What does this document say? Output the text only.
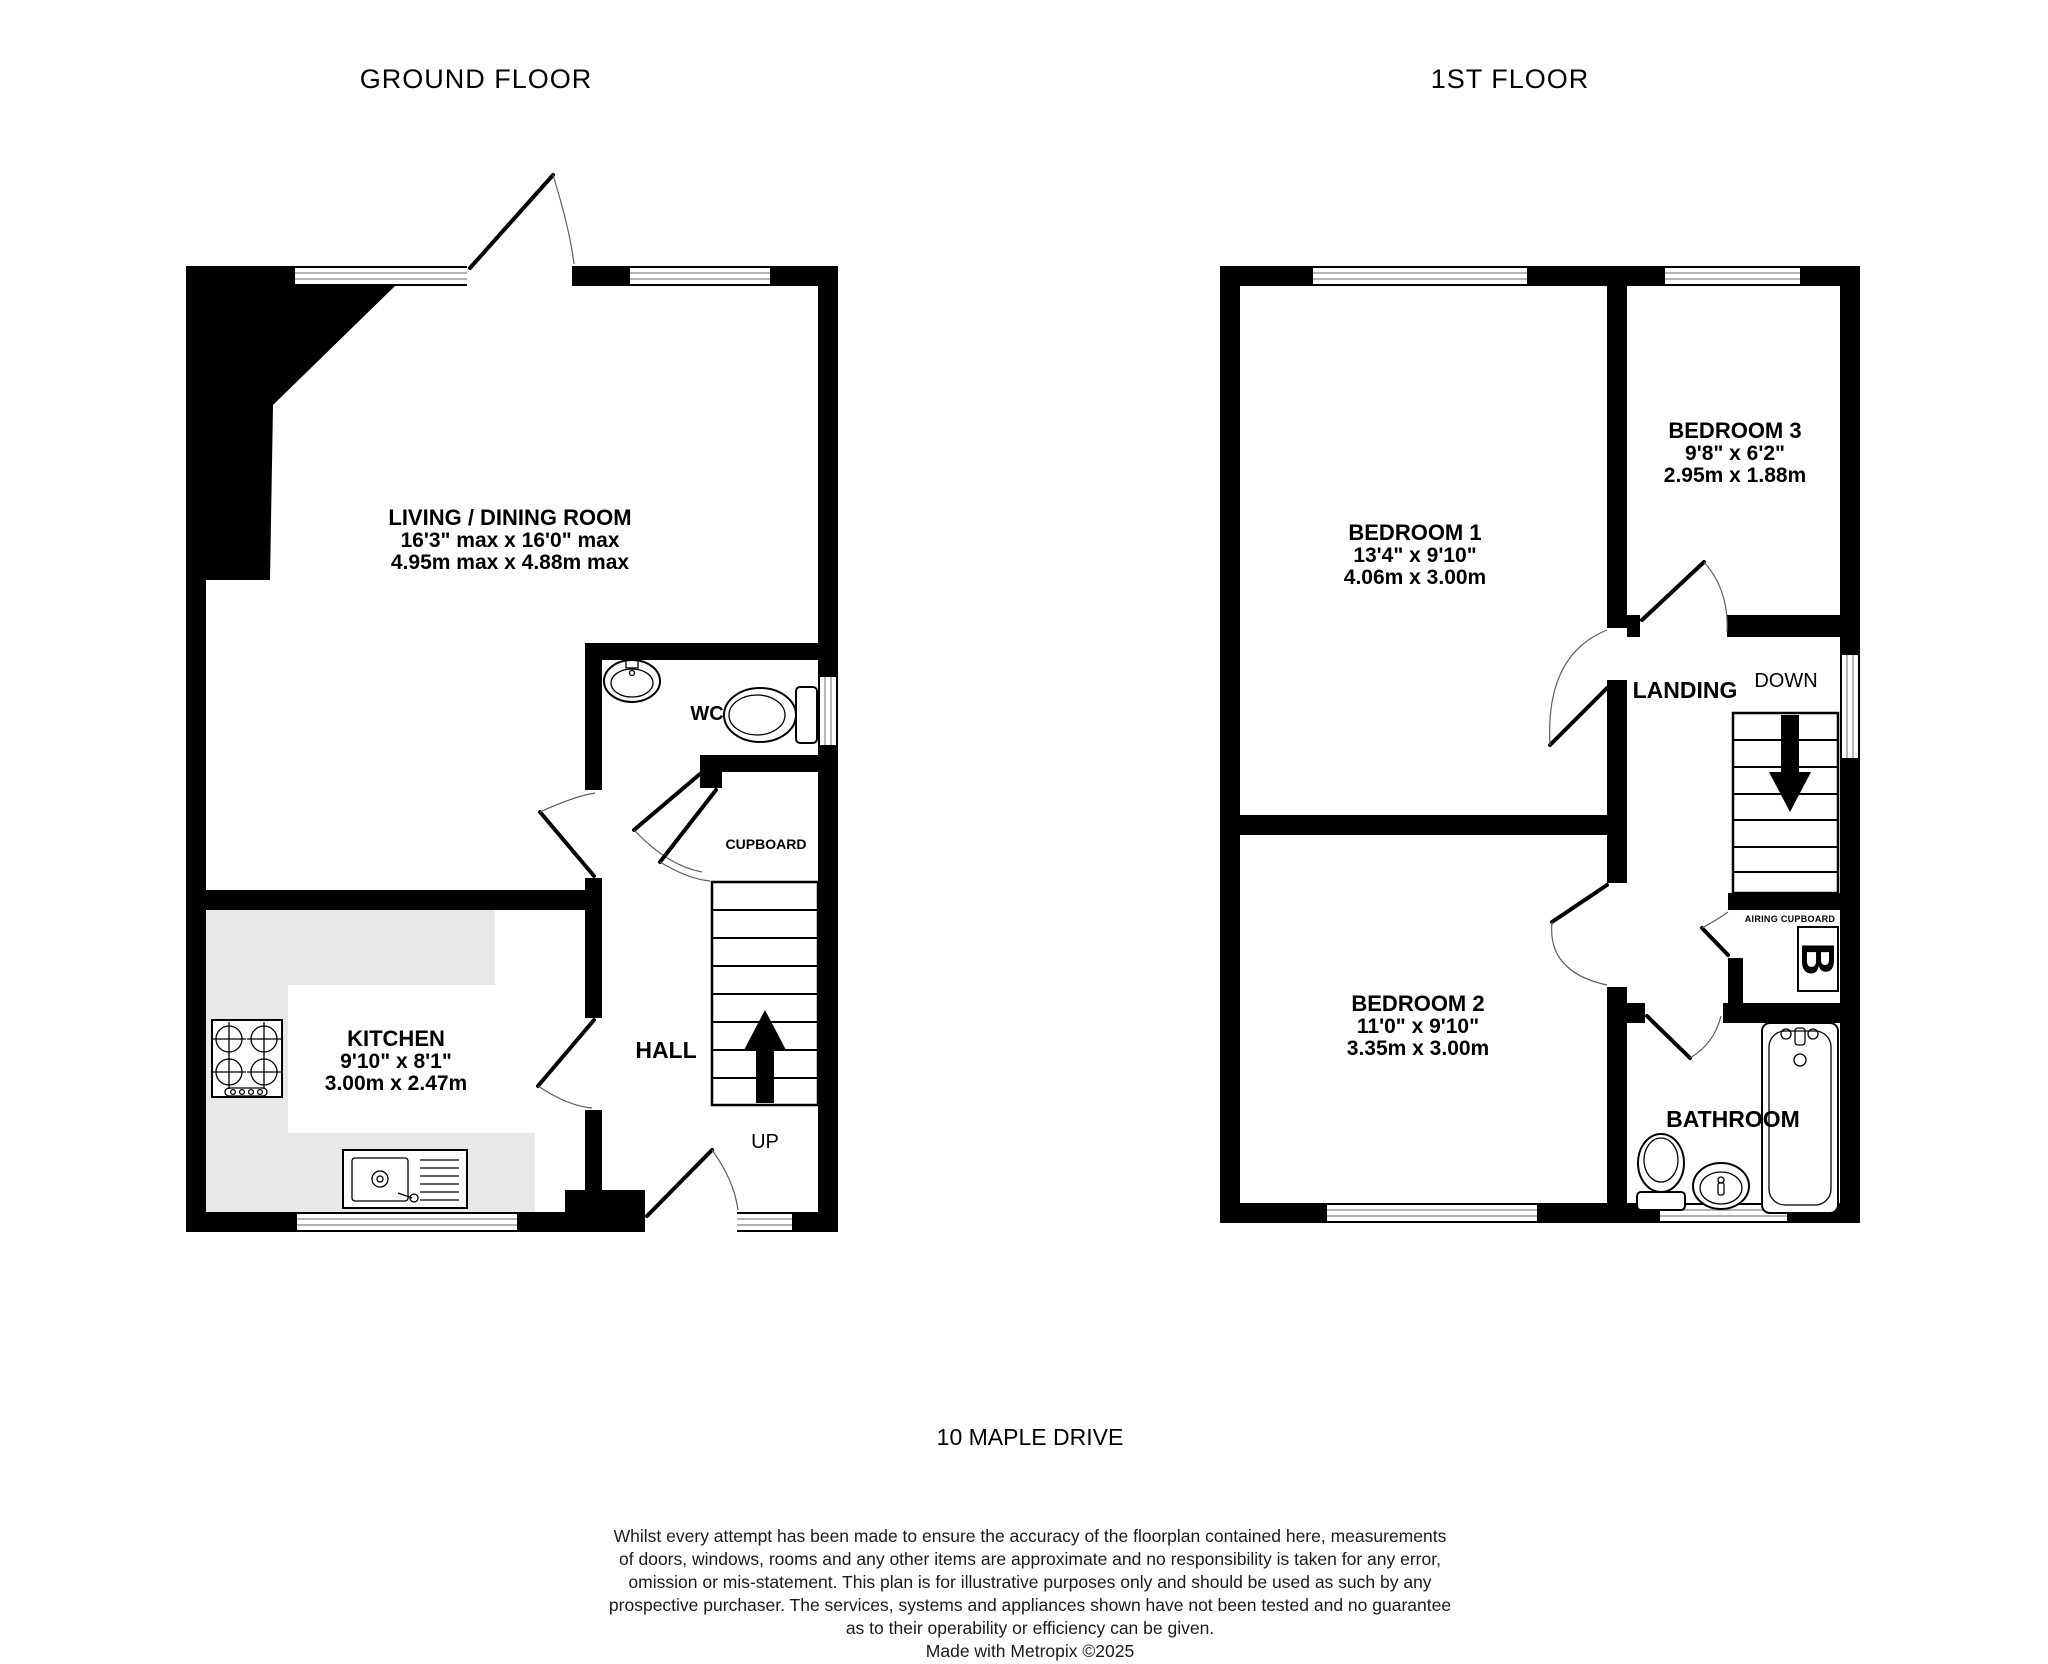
GROUND FLOOR
LIVING / DINING ROOM
16'3" max x 16'0" max
4.95m max x 4.88m max
KITCHEN
9'10" x 8'1"
3.00m x 2.47m
HALL
WC
CUPBOARD
UP
1ST FLOOR
B
BEDROOM 1
13'4" x 9'10"
4.06m x 3.00m
BEDROOM 3
9'8" x 6'2"
2.95m x 1.88m
BEDROOM 2
11'0" x 9'10"
3.35m x 3.00m
LANDING DOWN
BATHROOM
AIRING CUPBOARD
10 MAPLE DRIVE
Whilst every attempt has been made to ensure the accuracy of the floorplan contained here, measurements
of doors, windows, rooms and any other items are approximate and no responsibility is taken for any error,
omission or mis-statement. This plan is for illustrative purposes only and should be used as such by any
prospective purchaser. The services, systems and appliances shown have not been tested and no guarantee
as to their operability or efficiency can be given.
Made with Metropix ©2025
